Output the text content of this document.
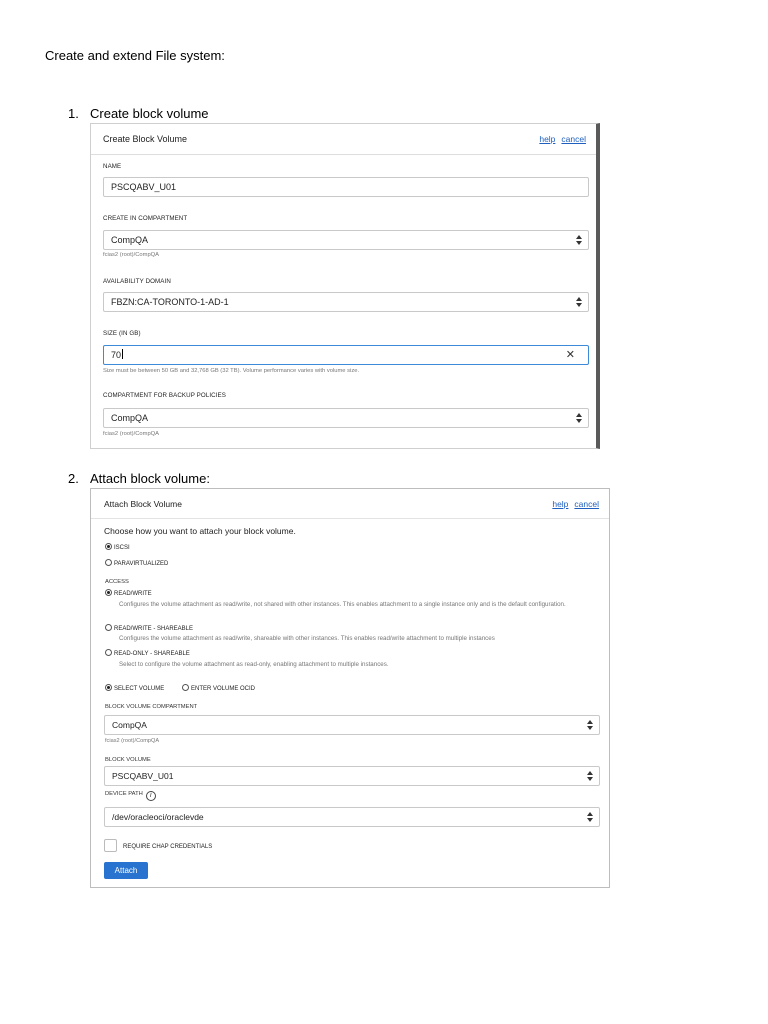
Create and extend File system:
1. Create block volume
Create Block Volume	help cancel
NAME
PSCQABV_U01
CREATE IN COMPARTMENT
CompQA
fcias2 (root)/CompQA
AVAILABILITY DOMAIN
FBZN:CA-TORONTO-1-AD-1
SIZE (IN GB)
70	✕
Size must be between 50 GB and 32,768 GB (32 TB). Volume performance varies with volume size.
COMPARTMENT FOR BACKUP POLICIES
CompQA
fcias2 (root)/CompQA
2. Attach block volume:
Attach Block Volume	help cancel
Choose how you want to attach your block volume.
ISCSI
PARAVIRTUALIZED
ACCESS
READ/WRITE
Configures the volume attachment as read/write, not shared with other instances. This enables attachment to a single instance only and is the default configuration.
READ/WRITE - SHAREABLE
Configures the volume attachment as read/write, shareable with other instances. This enables read/write attachment to multiple instances
READ-ONLY - SHAREABLE
Select to configure the volume attachment as read-only, enabling attachment to multiple instances.
SELECT VOLUME	ENTER VOLUME OCID
BLOCK VOLUME COMPARTMENT
CompQA
fcias2 (root)/CompQA
BLOCK VOLUME
PSCQABV_U01
DEVICE PATH i
/dev/oracleoci/oraclevde
REQUIRE CHAP CREDENTIALS
Attach
